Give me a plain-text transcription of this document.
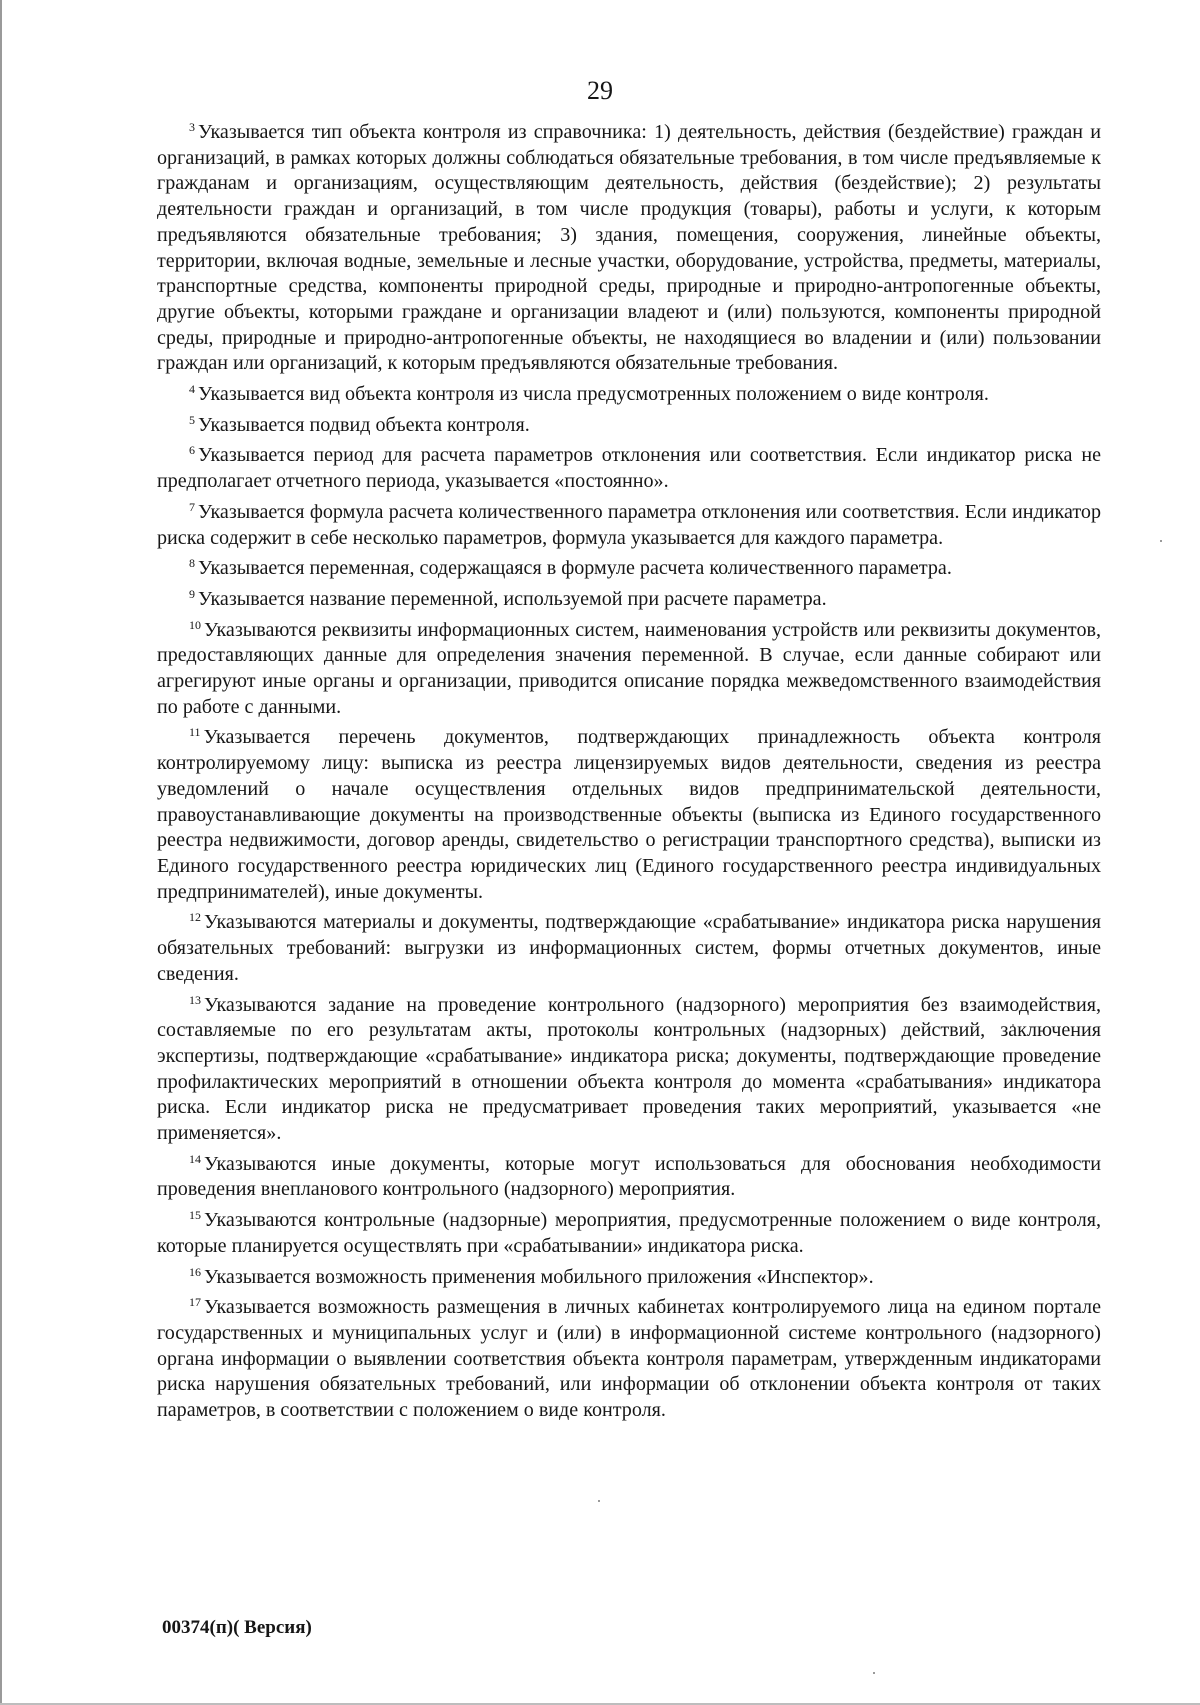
29

$^3$ Указывается тип объекта контроля из справочника: 1) деятельность, действия (бездействие) граждан и организаций, в рамках которых должны соблюдаться обязательные требования, в том числе предъявляемые к гражданам и организациям, осуществляющим деятельность, действия (бездействие); 2) результаты деятельности граждан и организаций, в том числе продукция (товары), работы и услуги, к которым предъявляются обязательные требования; 3) здания, помещения, сооружения, линейные объекты, территории, включая водные, земельные и лесные участки, оборудование, устройства, предметы, материалы, транспортные средства, компоненты природной среды, природные и природно-антропогенные объекты, другие объекты, которыми граждане и организации владеют и (или) пользуются, компоненты природной среды, природные и природно-антропогенные объекты, не находящиеся во владении и (или) пользовании граждан или организаций, к которым предъявляются обязательные требования.

$^4$ Указывается вид объекта контроля из числа предусмотренных положением о виде контроля.

$^5$ Указывается подвид объекта контроля.

$^6$ Указывается период для расчета параметров отклонения или соответствия. Если индикатор риска не предполагает отчетного периода, указывается «постоянно».

$^7$ Указывается формула расчета количественного параметра отклонения или соответствия. Если индикатор риска содержит в себе несколько параметров, формула указывается для каждого параметра.

$^8$ Указывается переменная, содержащаяся в формуле расчета количественного параметра.

$^9$ Указывается название переменной, используемой при расчете параметра.

$^{10}$ Указываются реквизиты информационных систем, наименования устройств или реквизиты документов, предоставляющих данные для определения значения переменной. В случае, если данные собирают или агрегируют иные органы и организации, приводится описание порядка межведомственного взаимодействия по работе с данными.

$^{11}$ Указывается перечень документов, подтверждающих принадлежность объекта контроля контролируемому лицу: выписка из реестра лицензируемых видов деятельности, сведения из реестра уведомлений о начале осуществления отдельных видов предпринимательской деятельности, правоустанавливающие документы на производственные объекты (выписка из Единого государственного реестра недвижимости, договор аренды, свидетельство о регистрации транспортного средства), выписки из Единого государственного реестра юридических лиц (Единого государственного реестра индивидуальных предпринимателей), иные документы.

$^{12}$ Указываются материалы и документы, подтверждающие «срабатывание» индикатора риска нарушения обязательных требований: выгрузки из информационных систем, формы отчетных документов, иные сведения.

$^{13}$ Указываются задание на проведение контрольного (надзорного) мероприятия без взаимодействия, составляемые по его результатам акты, протоколы контрольных (надзорных) действий, заключения экспертизы, подтверждающие «срабатывание» индикатора риска; документы, подтверждающие проведение профилактических мероприятий в отношении объекта контроля до момента «срабатывания» индикатора риска. Если индикатор риска не предусматривает проведения таких мероприятий, указывается «не применяется».

$^{14}$ Указываются иные документы, которые могут использоваться для обоснования необходимости проведения внепланового контрольного (надзорного) мероприятия.

$^{15}$ Указываются контрольные (надзорные) мероприятия, предусмотренные положением о виде контроля, которые планируется осуществлять при «срабатывании» индикатора риска.

$^{16}$ Указывается возможность применения мобильного приложения «Инспектор».

$^{17}$ Указывается возможность размещения в личных кабинетах контролируемого лица на едином портале государственных и муниципальных услуг и (или) в информационной системе контрольного (надзорного) органа информации о выявлении соответствия объекта контроля параметрам, утвержденным индикаторами риска нарушения обязательных требований, или информации об отклонении объекта контроля от таких параметров, в соответствии с положением о виде контроля.

00374(п)( Версия)
